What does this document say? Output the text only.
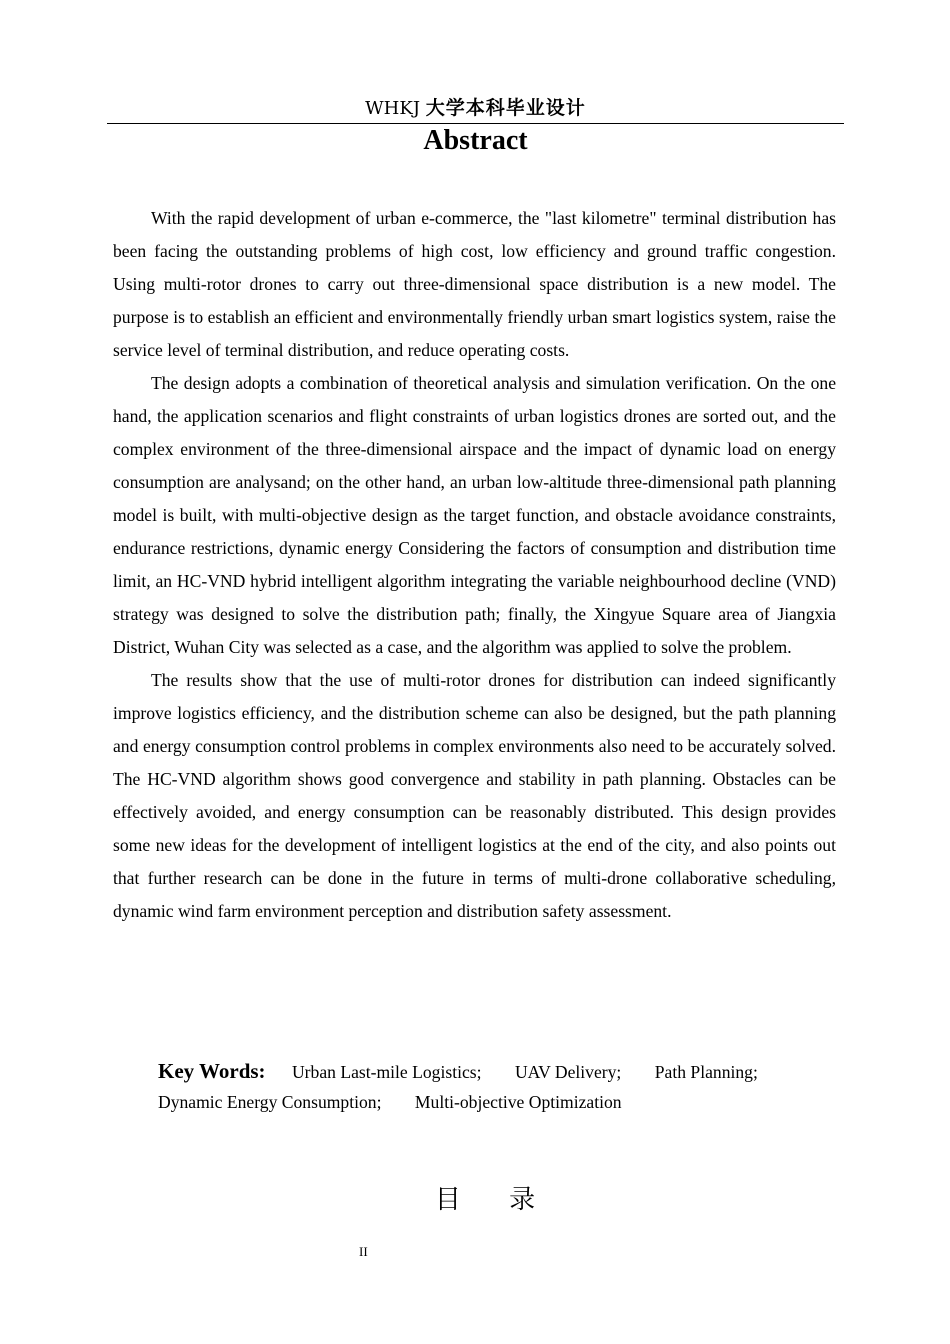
WHKJ 大学本科毕业设计
Abstract

With the rapid development of urban e-commerce, the "last kilometre" terminal distribution has been facing the outstanding problems of high cost, low efficiency and ground traffic congestion. Using multi-rotor drones to carry out three-dimensional space distribution is a new model. The purpose is to establish an efficient and environmentally friendly urban smart logistics system, raise the service level of terminal distribution, and reduce operating costs.

The design adopts a combination of theoretical analysis and simulation verification. On the one hand, the application scenarios and flight constraints of urban logistics drones are sorted out, and the complex environment of the three-dimensional airspace and the impact of dynamic load on energy consumption are analysand; on the other hand, an urban low-altitude three-dimensional path planning model is built, with multi-objective design as the target function, and obstacle avoidance constraints, endurance restrictions, dynamic energy Considering the factors of consumption and distribution time limit, an HC-VND hybrid intelligent algorithm integrating the variable neighbourhood decline (VND) strategy was designed to solve the distribution path; finally, the Xingyue Square area of Jiangxia District, Wuhan City was selected as a case, and the algorithm was applied to solve the problem.

The results show that the use of multi-rotor drones for distribution can indeed significantly improve logistics efficiency, and the distribution scheme can also be designed, but the path planning and energy consumption control problems in complex environments also need to be accurately solved. The HC-VND algorithm shows good convergence and stability in path planning. Obstacles can be effectively avoided, and energy consumption can be reasonably distributed. This design provides some new ideas for the development of intelligent logistics at the end of the city, and also points out that further research can be done in the future in terms of multi-drone collaborative scheduling, dynamic wind farm environment perception and distribution safety assessment.

Key Words: Urban Last-mile Logistics; UAV Delivery; Path Planning; Dynamic Energy Consumption; Multi-objective Optimization
目 录
II
